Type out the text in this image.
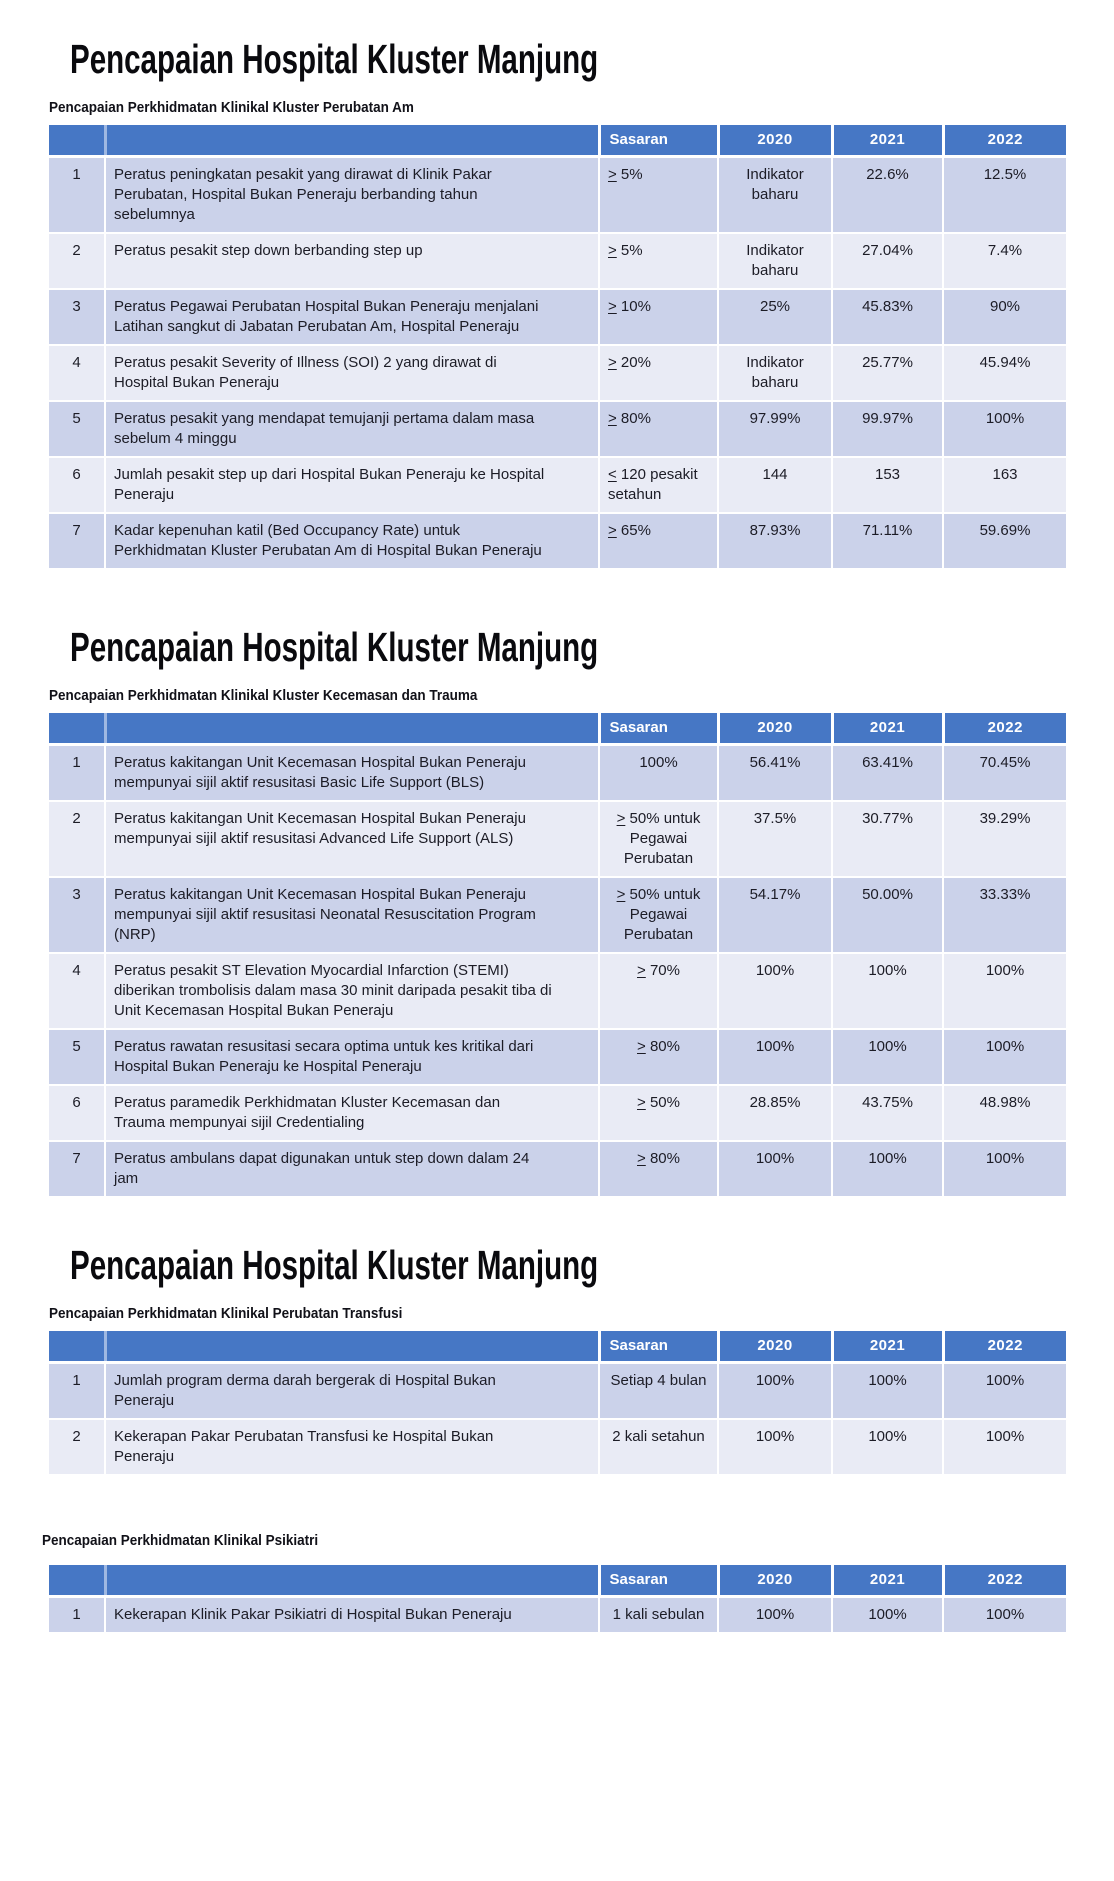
Pencapaian Hospital Kluster Manjung
Pencapaian Perkhidmatan Klinikal Kluster Perubatan Am
		Sasaran	2020	2021	2022
1	Peratus peningkatan pesakit yang dirawat di Klinik Pakar Perubatan, Hospital Bukan Peneraju berbanding tahun sebelumnya	> 5%	Indikator baharu	22.6%	12.5%
2	Peratus pesakit step down berbanding step up	> 5%	Indikator baharu	27.04%	7.4%
3	Peratus Pegawai Perubatan Hospital Bukan Peneraju menjalani Latihan sangkut di Jabatan Perubatan Am, Hospital Peneraju	> 10%	25%	45.83%	90%
4	Peratus pesakit Severity of Illness (SOI) 2 yang dirawat di Hospital Bukan Peneraju	> 20%	Indikator baharu	25.77%	45.94%
5	Peratus pesakit yang mendapat temujanji pertama dalam masa sebelum 4 minggu	> 80%	97.99%	99.97%	100%
6	Jumlah pesakit step up dari Hospital Bukan Peneraju ke Hospital Peneraju	< 120 pesakit setahun	144	153	163
7	Kadar kepenuhan katil (Bed Occupancy Rate) untuk Perkhidmatan Kluster Perubatan Am di Hospital Bukan Peneraju	> 65%	87.93%	71.11%	59.69%
Pencapaian Hospital Kluster Manjung
Pencapaian Perkhidmatan Klinikal Kluster Kecemasan dan Trauma
		Sasaran	2020	2021	2022
1	Peratus kakitangan Unit Kecemasan Hospital Bukan Peneraju mempunyai sijil aktif resusitasi Basic Life Support (BLS)	100%	56.41%	63.41%	70.45%
2	Peratus kakitangan Unit Kecemasan Hospital Bukan Peneraju mempunyai sijil aktif resusitasi Advanced Life Support (ALS)	> 50% untuk Pegawai Perubatan	37.5%	30.77%	39.29%
3	Peratus kakitangan Unit Kecemasan Hospital Bukan Peneraju mempunyai sijil aktif resusitasi Neonatal Resuscitation Program (NRP)	> 50% untuk Pegawai Perubatan	54.17%	50.00%	33.33%
4	Peratus pesakit ST Elevation Myocardial Infarction (STEMI) diberikan trombolisis dalam masa 30 minit daripada pesakit tiba di Unit Kecemasan Hospital Bukan Peneraju	> 70%	100%	100%	100%
5	Peratus rawatan resusitasi secara optima untuk kes kritikal dari Hospital Bukan Peneraju ke Hospital Peneraju	> 80%	100%	100%	100%
6	Peratus paramedik Perkhidmatan Kluster Kecemasan dan Trauma mempunyai sijil Credentialing	> 50%	28.85%	43.75%	48.98%
7	Peratus ambulans dapat digunakan untuk step down dalam 24 jam	> 80%	100%	100%	100%
Pencapaian Hospital Kluster Manjung
Pencapaian Perkhidmatan Klinikal Perubatan Transfusi
		Sasaran	2020	2021	2022
1	Jumlah program derma darah bergerak di Hospital Bukan Peneraju	Setiap 4 bulan	100%	100%	100%
2	Kekerapan Pakar Perubatan Transfusi ke Hospital Bukan Peneraju	2 kali setahun	100%	100%	100%
Pencapaian Perkhidmatan Klinikal Psikiatri
		Sasaran	2020	2021	2022
1	Kekerapan Klinik Pakar Psikiatri di Hospital Bukan Peneraju	1 kali sebulan	100%	100%	100%
